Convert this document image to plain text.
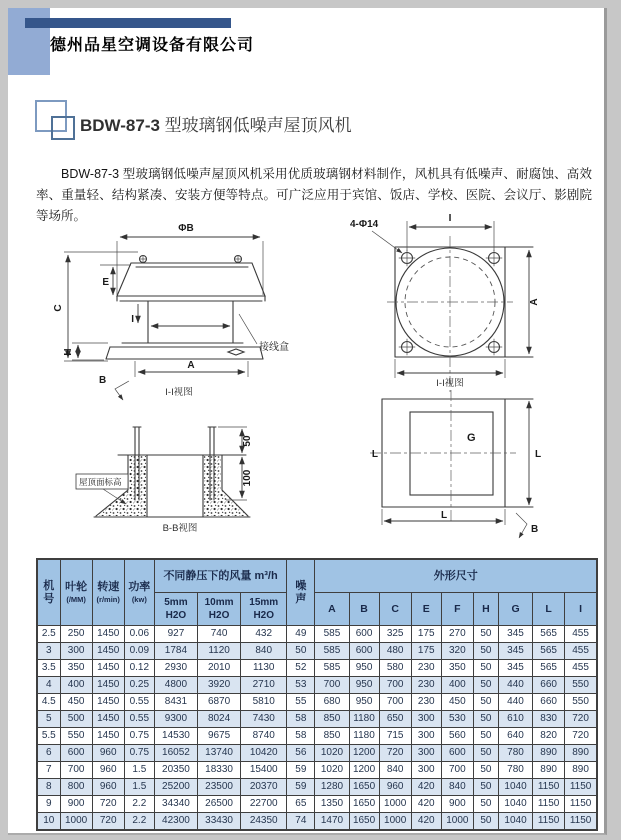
德州品星空调设备有限公司
BDW-87-3 型玻璃钢低噪声屋顶风机

BDW-87-3 型玻璃钢低噪声屋顶风机采用优质玻璃钢材料制作，风机具有低噪声、耐腐蚀、高效率、重量轻、结构紧凑、安装方便等特点。可广泛应用于宾馆、饭店、学校、医院、会议厅、影剧院等场所。

ΦB
C
E
I
接线盒
H
A
B
I-I视图
4-Φ14
I
A
I-I视图
G
L	L
L
B
50
100
屋顶面标高
B-B视图
机
号	叶轮
(/MM)	转速
(r/min)	功率
(kw)	不同静压下的风量 m³/h			噪
声	外形尺寸								

				5mm
H2O	10mm
H2O	15mm
H2O		A	B	C	E	F	H	G	L	I
2.5	250	1450	0.06	927	740	432	49	585	600	325	175	270	50	345	565	455
3	300	1450	0.09	1784	1120	840	50	585	600	480	175	320	50	345	565	455
3.5	350	1450	0.12	2930	2010	1130	52	585	950	580	230	350	50	345	565	455
4	400	1450	0.25	4800	3920	2710	53	700	950	700	230	400	50	440	660	550
4.5	450	1450	0.55	8431	6870	5810	55	680	950	700	230	450	50	440	660	550
5	500	1450	0.55	9300	8024	7430	58	850	1180	650	300	530	50	610	830	720
5.5	550	1450	0.75	14530	9675	8740	58	850	1180	715	300	560	50	640	820	720
6	600	960	0.75	16052	13740	10420	56	1020	1200	720	300	600	50	780	890	890
7	700	960	1.5	20350	18330	15400	59	1020	1200	840	300	700	50	780	890	890
8	800	960	1.5	25200	23500	20370	59	1280	1650	960	420	840	50	1040	1150	1150
9	900	720	2.2	34340	26500	22700	65	1350	1650	1000	420	900	50	1040	1150	1150
10	1000	720	2.2	42300	33430	24350	74	1470	1650	1000	420	1000	50	1040	1150	1150
